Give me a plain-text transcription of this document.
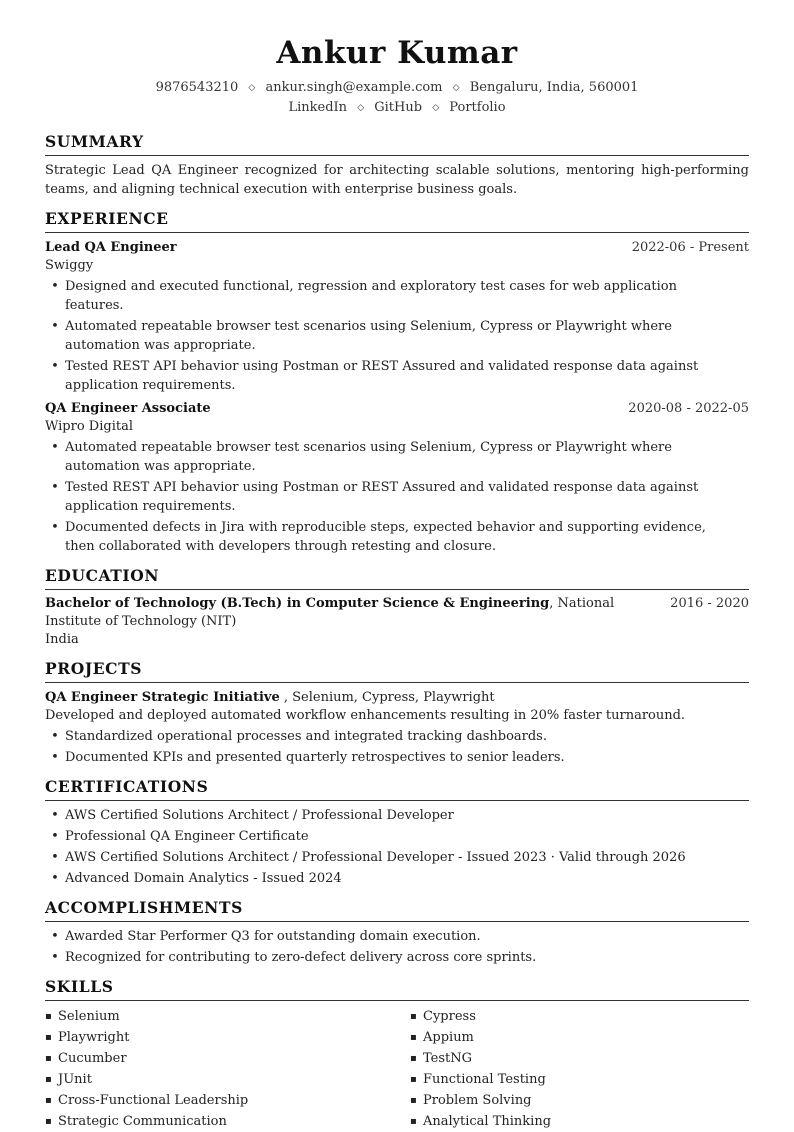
Ankur Kumar
9876543210 ◇ ankur.singh@example.com ◇ Bengaluru, India, 560001
LinkedIn ◇ GitHub ◇ Portfolio
SUMMARY
Strategic Lead QA Engineer recognized for architecting scalable solutions, mentoring high-performing teams, and aligning technical execution with enterprise business goals.
EXPERIENCE
Lead QA Engineer	2022-06 - Present
Swiggy
• Designed and executed functional, regression and exploratory test cases for web application features.
• Automated repeatable browser test scenarios using Selenium, Cypress or Playwright where automation was appropriate.
• Tested REST API behavior using Postman or REST Assured and validated response data against application requirements.
QA Engineer Associate	2020-08 - 2022-05
Wipro Digital
• Automated repeatable browser test scenarios using Selenium, Cypress or Playwright where automation was appropriate.
• Tested REST API behavior using Postman or REST Assured and validated response data against application requirements.
• Documented defects in Jira with reproducible steps, expected behavior and supporting evidence, then collaborated with developers through retesting and closure.
EDUCATION
Bachelor of Technology (B.Tech) in Computer Science & Engineering, National Institute of Technology (NIT)
2016 - 2020
India
PROJECTS
QA Engineer Strategic Initiative , Selenium, Cypress, Playwright
Developed and deployed automated workflow enhancements resulting in 20% faster turnaround.
• Standardized operational processes and integrated tracking dashboards.
• Documented KPIs and presented quarterly retrospectives to senior leaders.
CERTIFICATIONS
• AWS Certified Solutions Architect / Professional Developer
• Professional QA Engineer Certificate
• AWS Certified Solutions Architect / Professional Developer - Issued 2023 · Valid through 2026
• Advanced Domain Analytics - Issued 2024
ACCOMPLISHMENTS
• Awarded Star Performer Q3 for outstanding domain execution.
• Recognized for contributing to zero-defect delivery across core sprints.
SKILLS
▪ Selenium	▪ Cypress
▪ Playwright	▪ Appium
▪ Cucumber	▪ TestNG
▪ JUnit	▪ Functional Testing
▪ Cross-Functional Leadership	▪ Problem Solving
▪ Strategic Communication	▪ Analytical Thinking
